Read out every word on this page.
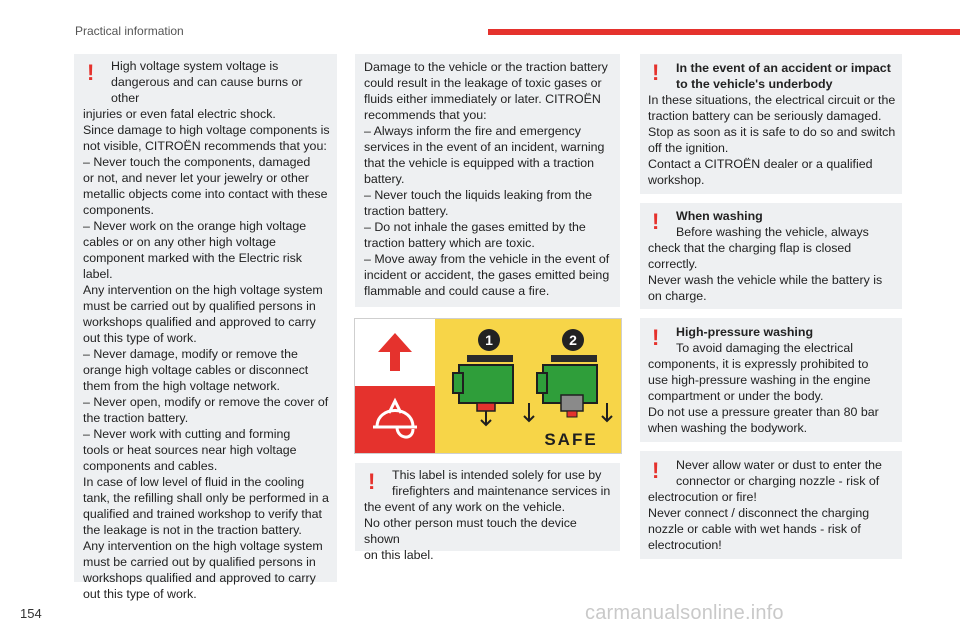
Practical information
!	High voltage system voltage is

dangerous and can cause burns or other

injuries or even fatal electric shock.

Since damage to high voltage components is

not visible, CITROËN recommends that you:

– Never touch the components, damaged

or not, and never let your jewelry or other

metallic objects come into contact with these

components.

– Never work on the orange high voltage

cables or on any other high voltage

component marked with the Electric risk label.

Any intervention on the high voltage system

must be carried out by qualified persons in

workshops qualified and approved to carry

out this type of work.

– Never damage, modify or remove the

orange high voltage cables or disconnect

them from the high voltage network.

– Never open, modify or remove the cover of

the traction battery.

– Never work with cutting and forming

tools or heat sources near high voltage

components and cables.

In case of low level of fluid in the cooling

tank, the refilling shall only be performed in a

qualified and trained workshop to verify that

the leakage is not in the traction battery.

Any intervention on the high voltage system

must be carried out by qualified persons in

workshops qualified and approved to carry

out this type of work.

Damage to the vehicle or the traction battery

could result in the leakage of toxic gases or

fluids either immediately or later. CITROËN

recommends that you:

– Always inform the fire and emergency

services in the event of an incident, warning

that the vehicle is equipped with a traction

battery.

– Never touch the liquids leaking from the

traction battery.

– Do not inhale the gases emitted by the

traction battery which are toxic.

– Move away from the vehicle in the event of

incident or accident, the gases emitted being

flammable and could cause a fire.

1	2
SAFE
!	This label is intended solely for use by

firefighters and maintenance services in

the event of any work on the vehicle.

No other person must touch the device shown

on this label.

!	In the event of an accident or impact

to the vehicle's underbody

In these situations, the electrical circuit or the

traction battery can be seriously damaged.

Stop as soon as it is safe to do so and switch

off the ignition.

Contact a CITROËN dealer or a qualified

workshop.

!	When washing

Before washing the vehicle, always

check that the charging flap is closed

correctly.

Never wash the vehicle while the battery is

on charge.

!	High-pressure washing

To avoid damaging the electrical

components, it is expressly prohibited to

use high-pressure washing in the engine

compartment or under the body.

Do not use a pressure greater than 80 bar

when washing the bodywork.

!	Never allow water or dust to enter the

connector or charging nozzle - risk of

electrocution or fire!

Never connect / disconnect the charging

nozzle or cable with wet hands - risk of

electrocution!

154	carmanualsonline.info
